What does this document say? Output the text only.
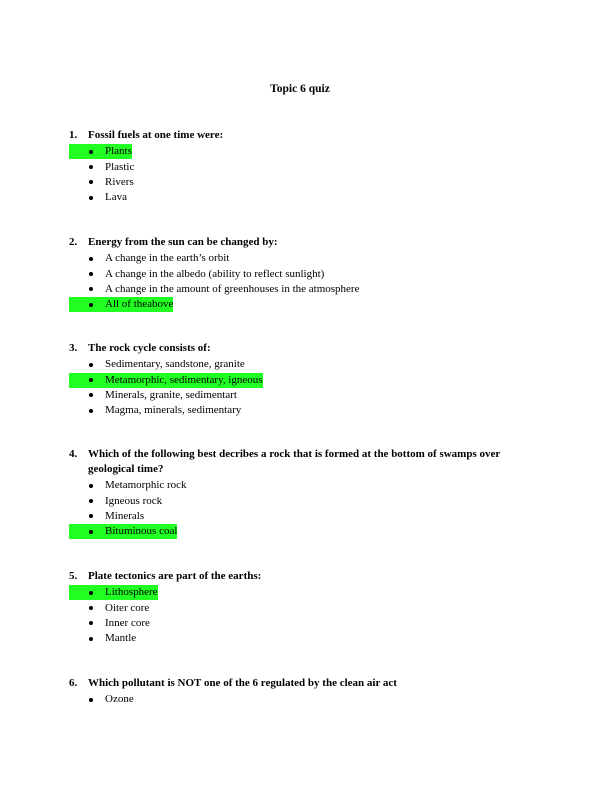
Topic 6 quiz
1. Fossil fuels at one time were:
Plants
Plastic
Rivers
Lava
2. Energy from the sun can be changed by:
A change in the earth’s orbit
A change in the albedo (ability to reflect sunlight)
A change in the amount of greenhouses in the atmosphere
All of theabove
3. The rock cycle consists of:
Sedimentary, sandstone, granite
Metamorphic, sedimentary, igneous
Minerals, granite, sedimentart
Magma, minerals, sedimentary
4. Which of the following best decribes a rock that is formed at the bottom of swamps over geological time?
Metamorphic rock
Igneous rock
Minerals
Bituminous coal
5. Plate tectonics are part of the earths:
Lithosphere
Oiter core
Inner core
Mantle
6. Which pollutant is NOT one of the 6 regulated by the clean air act
Ozone
